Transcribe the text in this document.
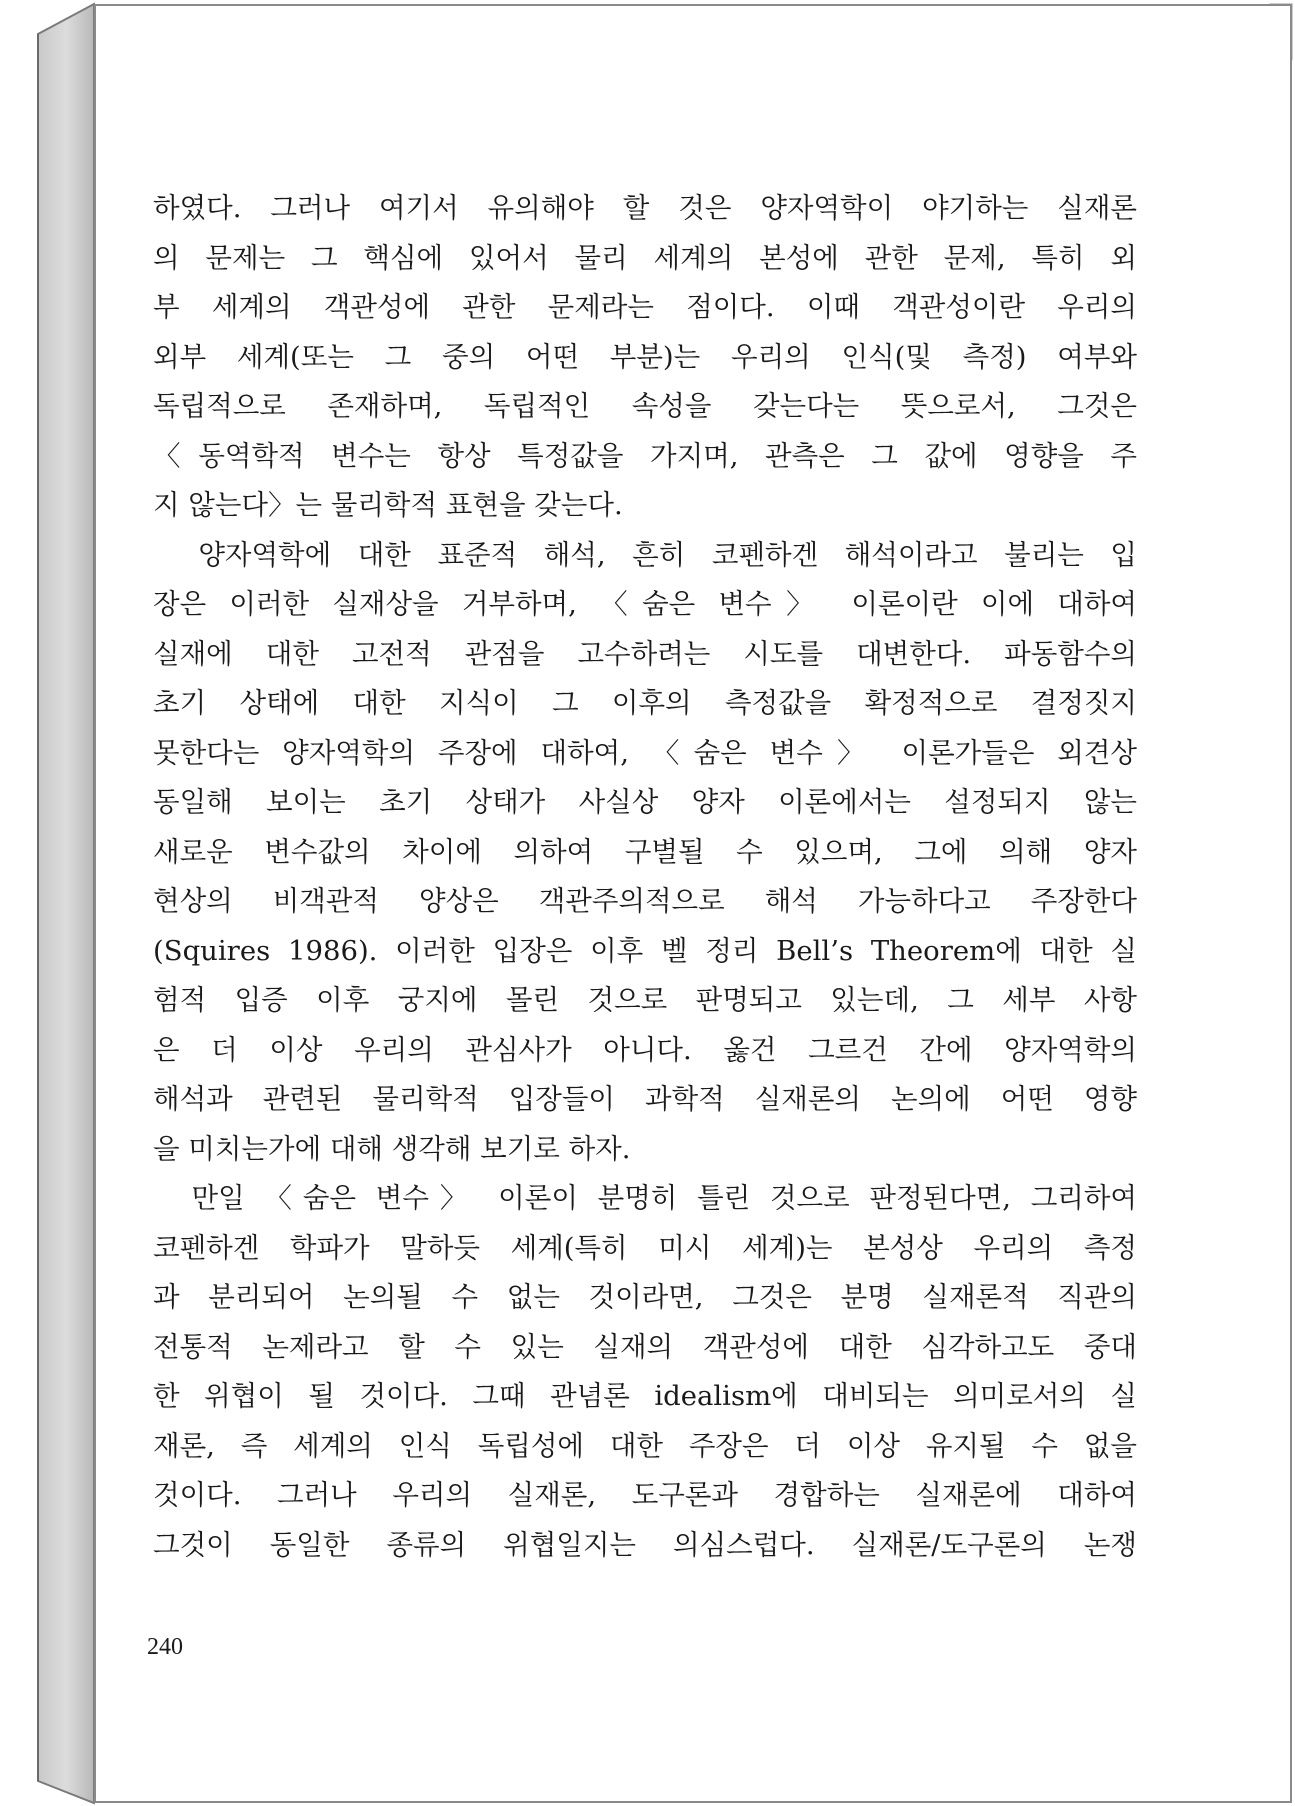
하였다. 그러나 여기서 유의해야 할 것은 양자역학이 야기하는 실재론
의 문제는 그 핵심에 있어서 물리 세계의 본성에 관한 문제, 특히 외
부 세계의 객관성에 관한 문제라는 점이다. 이때 객관성이란 우리의
외부 세계(또는 그 중의 어떤 부분)는 우리의 인식(및 측정) 여부와
독립적으로 존재하며, 독립적인 속성을 갖는다는 뜻으로서, 그것은
〈동역학적 변수는 항상 특정값을 가지며, 관측은 그 값에 영향을 주
지 않는다〉는 물리학적 표현을 갖는다.
　양자역학에 대한 표준적 해석, 흔히 코펜하겐 해석이라고 불리는 입
장은 이러한 실재상을 거부하며, 〈숨은 변수〉 이론이란 이에 대하여
실재에 대한 고전적 관점을 고수하려는 시도를 대변한다. 파동함수의
초기 상태에 대한 지식이 그 이후의 측정값을 확정적으로 결정짓지
못한다는 양자역학의 주장에 대하여, 〈숨은 변수〉 이론가들은 외견상
동일해 보이는 초기 상태가 사실상 양자 이론에서는 설정되지 않는
새로운 변수값의 차이에 의하여 구별될 수 있으며, 그에 의해 양자
현상의 비객관적 양상은 객관주의적으로 해석 가능하다고 주장한다
(Squires 1986). 이러한 입장은 이후 벨 정리 Bell’s Theorem에 대한 실
험적 입증 이후 궁지에 몰린 것으로 판명되고 있는데, 그 세부 사항
은 더 이상 우리의 관심사가 아니다. 옳건 그르건 간에 양자역학의
해석과 관련된 물리학적 입장들이 과학적 실재론의 논의에 어떤 영향
을 미치는가에 대해 생각해 보기로 하자.
　만일 〈숨은 변수〉 이론이 분명히 틀린 것으로 판정된다면, 그리하여
코펜하겐 학파가 말하듯 세계(특히 미시 세계)는 본성상 우리의 측정
과 분리되어 논의될 수 없는 것이라면, 그것은 분명 실재론적 직관의
전통적 논제라고 할 수 있는 실재의 객관성에 대한 심각하고도 중대
한 위협이 될 것이다. 그때 관념론 idealism에 대비되는 의미로서의 실
재론, 즉 세계의 인식 독립성에 대한 주장은 더 이상 유지될 수 없을
것이다. 그러나 우리의 실재론, 도구론과 경합하는 실재론에 대하여
그것이 동일한 종류의 위협일지는 의심스럽다. 실재론/도구론의 논쟁
240
